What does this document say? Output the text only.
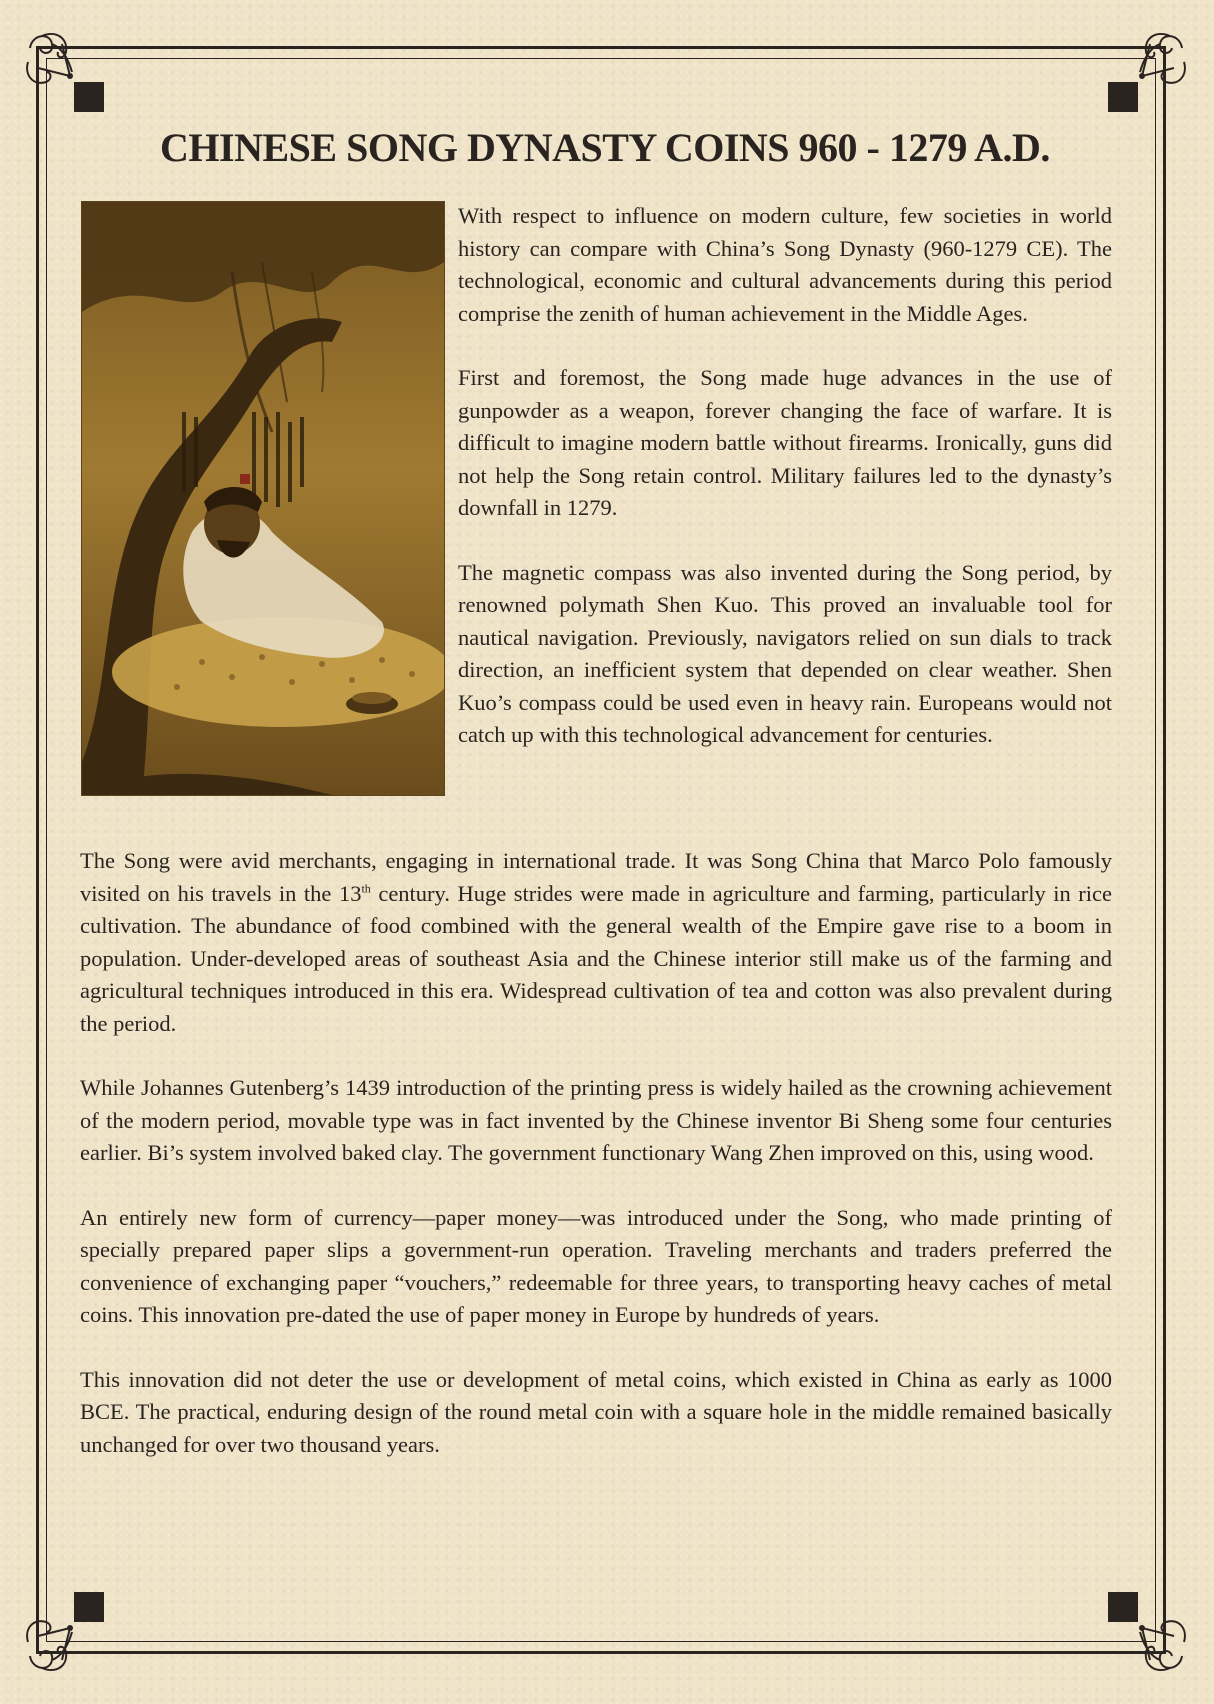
CHINESE SONG DYNASTY COINS 960 - 1279 A.D.

With respect to influence on modern culture, few societies in world history can compare with China’s Song Dynasty (960-1279 CE). The technological, economic and cultural advancements during this period comprise the zenith of human achievement in the Middle Ages.

First and foremost, the Song made huge advances in the use of gunpowder as a weapon, forever changing the face of warfare. It is difficult to imagine modern battle without firearms. Ironically, guns did not help the Song retain control. Military failures led to the dynasty’s downfall in 1279.

The magnetic compass was also invented during the Song period, by renowned polymath Shen Kuo. This proved an invaluable tool for nautical navigation. Previously, navigators relied on sun dials to track direction, an inefficient system that depended on clear weather. Shen Kuo’s compass could be used even in heavy rain. Europeans would not catch up with this technological advancement for centuries.

The Song were avid merchants, engaging in international trade. It was Song China that Marco Polo famously visited on his travels in the 13th century. Huge strides were made in agriculture and farming, particularly in rice cultivation. The abundance of food combined with the general wealth of the Empire gave rise to a boom in population. Under-developed areas of southeast Asia and the Chinese interior still make us of the farming and agricultural techniques introduced in this era. Widespread cultivation of tea and cotton was also prevalent during the period.

While Johannes Gutenberg’s 1439 introduction of the printing press is widely hailed as the crowning achievement of the modern period, movable type was in fact invented by the Chinese inventor Bi Sheng some four centuries earlier. Bi’s system involved baked clay. The government functionary Wang Zhen improved on this, using wood.

An entirely new form of currency—paper money—was introduced under the Song, who made printing of specially prepared paper slips a government-run operation. Traveling merchants and traders preferred the convenience of exchanging paper “vouchers,” redeemable for three years, to transporting heavy caches of metal coins. This innovation pre-dated the use of paper money in Europe by hundreds of years.

This innovation did not deter the use or development of metal coins, which existed in China as early as 1000 BCE. The practical, enduring design of the round metal coin with a square hole in the middle remained basically unchanged for over two thousand years.
